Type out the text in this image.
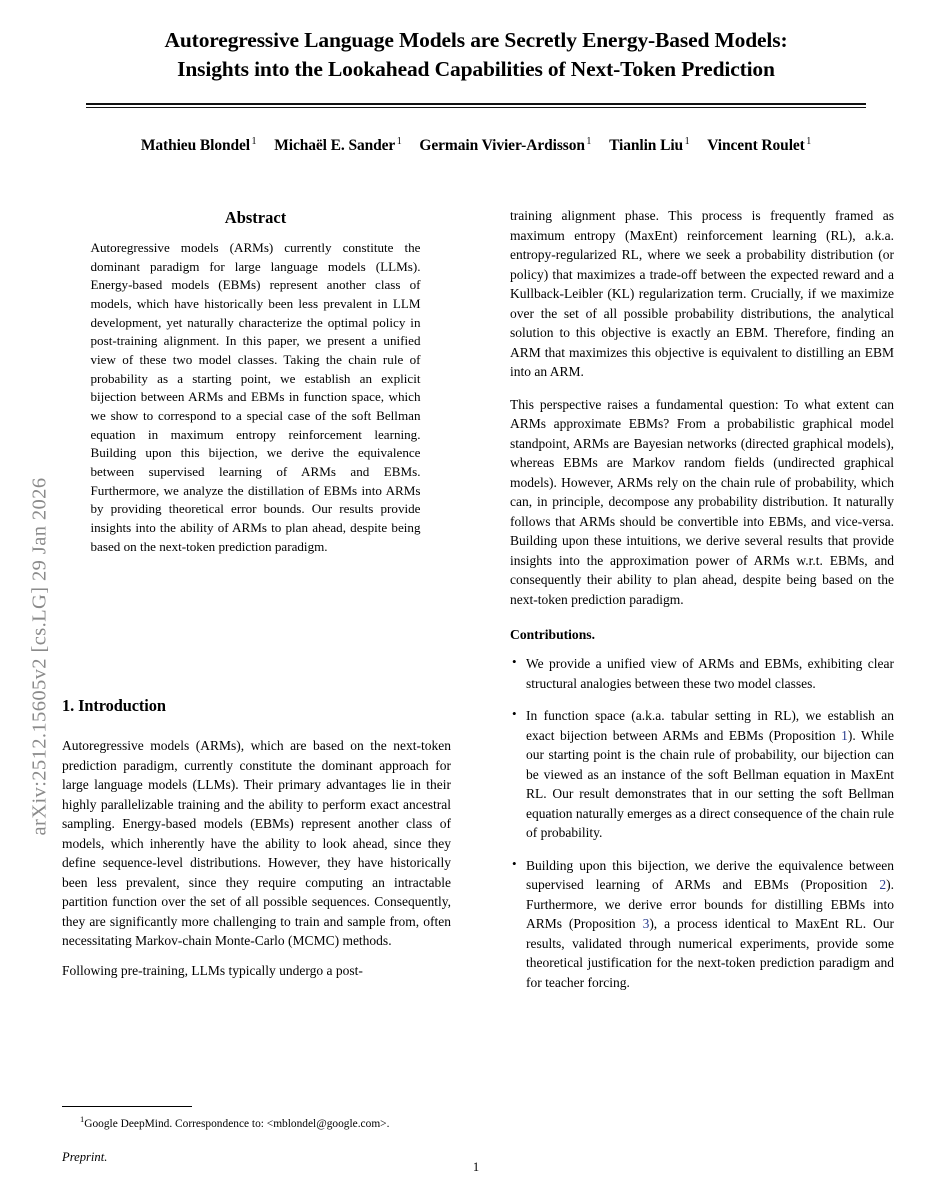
arXiv:2512.15605v2 [cs.LG] 29 Jan 2026
Autoregressive Language Models are Secretly Energy-Based Models:
Insights into the Lookahead Capabilities of Next-Token Prediction
Mathieu Blondel $^1$ Michaël E. Sander $^1$ Germain Vivier-Ardisson $^1$ Tianlin Liu $^1$ Vincent Roulet $^1$
Abstract
Autoregressive models (ARMs) currently constitute the dominant paradigm for large language models (LLMs). Energy-based models (EBMs) represent another class of models, which have historically been less prevalent in LLM development, yet naturally characterize the optimal policy in post-training alignment. In this paper, we present a unified view of these two model classes. Taking the chain rule of probability as a starting point, we establish an explicit bijection between ARMs and EBMs in function space, which we show to correspond to a special case of the soft Bellman equation in maximum entropy reinforcement learning. Building upon this bijection, we derive the equivalence between supervised learning of ARMs and EBMs. Furthermore, we analyze the distillation of EBMs into ARMs by providing theoretical error bounds. Our results provide insights into the ability of ARMs to plan ahead, despite being based on the next-token prediction paradigm.
1. Introduction

Autoregressive models (ARMs), which are based on the next-token prediction paradigm, currently constitute the dominant approach for large language models (LLMs). Their primary advantages lie in their highly parallelizable training and the ability to perform exact ancestral sampling. Energy-based models (EBMs) represent another class of models, which inherently have the ability to look ahead, since they define sequence-level distributions. However, they have historically been less prevalent, since they require computing an intractable partition function over the set of all possible sequences. Consequently, they are significantly more challenging to train and sample from, often necessitating Markov-chain Monte-Carlo (MCMC) methods.

Following pre-training, LLMs typically undergo a post-

$^1$Google DeepMind. Correspondence to: <mblondel@google.com>.
Preprint.

training alignment phase. This process is frequently framed as maximum entropy (MaxEnt) reinforcement learning (RL), a.k.a. entropy-regularized RL, where we seek a probability distribution (or policy) that maximizes a trade-off between the expected reward and a Kullback-Leibler (KL) regularization term. Crucially, if we maximize over the set of all possible probability distributions, the analytical solution to this objective is exactly an EBM. Therefore, finding an ARM that maximizes this objective is equivalent to distilling an EBM into an ARM.

This perspective raises a fundamental question: To what extent can ARMs approximate EBMs? From a probabilistic graphical model standpoint, ARMs are Bayesian networks (directed graphical models), whereas EBMs are Markov random fields (undirected graphical models). However, ARMs rely on the chain rule of probability, which can, in principle, decompose any probability distribution. It naturally follows that ARMs should be convertible into EBMs, and vice-versa. Building upon these intuitions, we derive several results that provide insights into the approximation power of ARMs w.r.t. EBMs, and consequently their ability to plan ahead, despite being based on the next-token prediction paradigm.

Contributions.
• We provide a unified view of ARMs and EBMs, exhibiting clear structural analogies between these two model classes.
• In function space (a.k.a. tabular setting in RL), we establish an exact bijection between ARMs and EBMs (Proposition 1). While our starting point is the chain rule of probability, our bijection can be viewed as an instance of the soft Bellman equation in MaxEnt RL. Our result demonstrates that in our setting the soft Bellman equation naturally emerges as a direct consequence of the chain rule of probability.
• Building upon this bijection, we derive the equivalence between supervised learning of ARMs and EBMs (Proposition 2). Furthermore, we derive error bounds for distilling EBMs into ARMs (Proposition 3), a process identical to MaxEnt RL. Our results, validated through numerical experiments, provide some theoretical justification for the next-token prediction paradigm and for teacher forcing.
1
